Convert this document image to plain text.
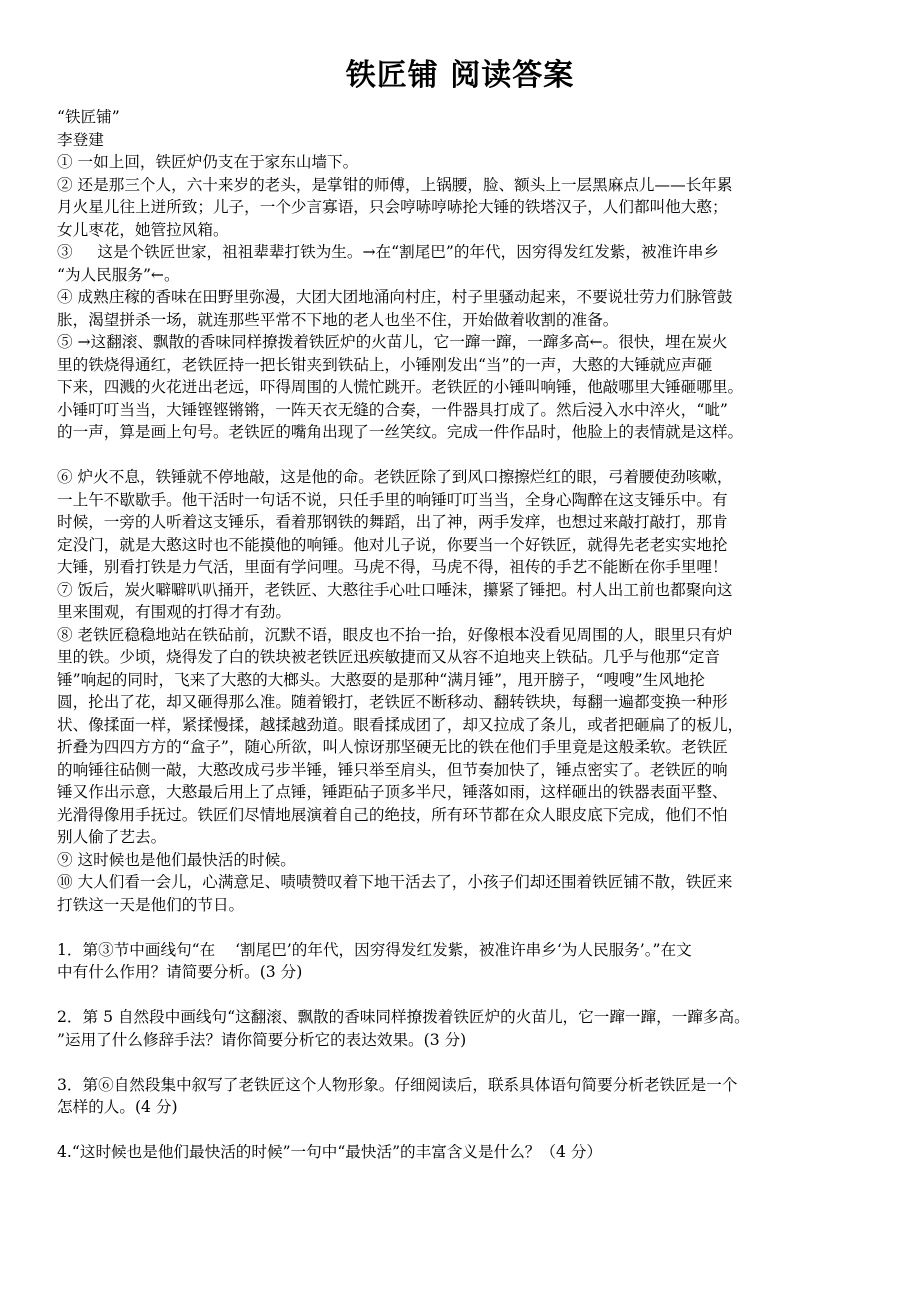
铁匠铺 阅读答案
“铁匠铺”
李登建
① 一如上回，铁匠炉仍支在于家东山墙下。
② 还是那三个人，六十来岁的老头，是掌钳的师傅，上锅腰，脸、额头上一层黑麻点儿——长年累
月火星儿往上迸所致；儿子，一个少言寡语，只会哼哧哼哧抡大锤的铁塔汉子，人们都叫他大憨；
女儿枣花，她管拉风箱。
③     这是个铁匠世家，祖祖辈辈打铁为生。→在“割尾巴”的年代，因穷得发红发紫，被准许串乡
“为人民服务”←。
④ 成熟庄稼的香味在田野里弥漫，大团大团地涌向村庄，村子里骚动起来，不要说壮劳力们脉管鼓
胀，渴望拼杀一场，就连那些平常不下地的老人也坐不住，开始做着收割的准备。
⑤ →这翻滚、飘散的香味同样撩拨着铁匠炉的火苗儿，它一蹿一蹿，一蹿多高←。很快，埋在炭火
里的铁烧得通红，老铁匠持一把长钳夹到铁砧上，小锤刚发出“当”的一声，大憨的大锤就应声砸
下来，四溅的火花迸出老远，吓得周围的人慌忙跳开。老铁匠的小锤叫响锤，他敲哪里大锤砸哪里。
小锤叮叮当当，大锤铿铿锵锵，一阵天衣无缝的合奏，一件器具打成了。然后浸入水中淬火，“呲”
的一声，算是画上句号。老铁匠的嘴角出现了一丝笑纹。完成一件作品时，他脸上的表情就是这样。
⑥ 炉火不息，铁锤就不停地敲，这是他的命。老铁匠除了到风口擦擦烂红的眼，弓着腰使劲咳嗽，
一上午不歇歇手。他干活时一句话不说，只任手里的响锤叮叮当当，全身心陶醉在这支锤乐中。有
时候，一旁的人听着这支锤乐，看着那钢铁的舞蹈，出了神，两手发痒，也想过来敲打敲打，那肯
定没门，就是大憨这时也不能摸他的响锤。他对儿子说，你要当一个好铁匠，就得先老老实实地抡
大锤，别看打铁是力气活，里面有学问哩。马虎不得，马虎不得，祖传的手艺不能断在你手里哩！
⑦ 饭后，炭火噼噼叭叭捅开，老铁匠、大憨往手心吐口唾沫，攥紧了锤把。村人出工前也都聚向这
里来围观，有围观的打得才有劲。
⑧ 老铁匠稳稳地站在铁砧前，沉默不语，眼皮也不抬一抬，好像根本没看见周围的人，眼里只有炉
里的铁。少顷，烧得发了白的铁块被老铁匠迅疾敏捷而又从容不迫地夹上铁砧。几乎与他那“定音
锤”响起的同时，飞来了大憨的大榔头。大憨耍的是那种“满月锤”，甩开膀子，“嗖嗖”生风地抡
圆，抡出了花，却又砸得那么准。随着锻打，老铁匠不断移动、翻转铁块，每翻一遍都变换一种形
状、像揉面一样，紧揉慢揉，越揉越劲道。眼看揉成团了，却又拉成了条儿，或者把砸扁了的板儿，
折叠为四四方方的“盒子”，随心所欲，叫人惊讶那坚硬无比的铁在他们手里竟是这般柔软。老铁匠
的响锤往砧侧一敲，大憨改成弓步半锤，锤只举至肩头，但节奏加快了，锤点密实了。老铁匠的响
锤又作出示意，大憨最后用上了点锤，锤距砧子顶多半尺，锤落如雨，这样砸出的铁器表面平整、
光滑得像用手抚过。铁匠们尽情地展演着自己的绝技，所有环节都在众人眼皮底下完成，他们不怕
别人偷了艺去。
⑨ 这时候也是他们最快活的时候。
⑩ 大人们看一会儿，心满意足、啧啧赞叹着下地干活去了，小孩子们却还围着铁匠铺不散，铁匠来
打铁这一天是他们的节日。
1．第③节中画线句“在    ‘割尾巴’的年代，因穷得发红发紫，被准许串乡‘为人民服务’。”在文
中有什么作用？请简要分析。(3 分)
2．第 5 自然段中画线句“这翻滚、飘散的香味同样撩拨着铁匠炉的火苗儿，它一蹿一蹿，一蹿多高。
”运用了什么修辞手法？请你简要分析它的表达效果。(3 分)
3．第⑥自然段集中叙写了老铁匠这个人物形象。仔细阅读后，联系具体语句简要分析老铁匠是一个
怎样的人。(4 分)
4.“这时候也是他们最快活的时候”一句中“最快活”的丰富含义是什么？（4 分）
